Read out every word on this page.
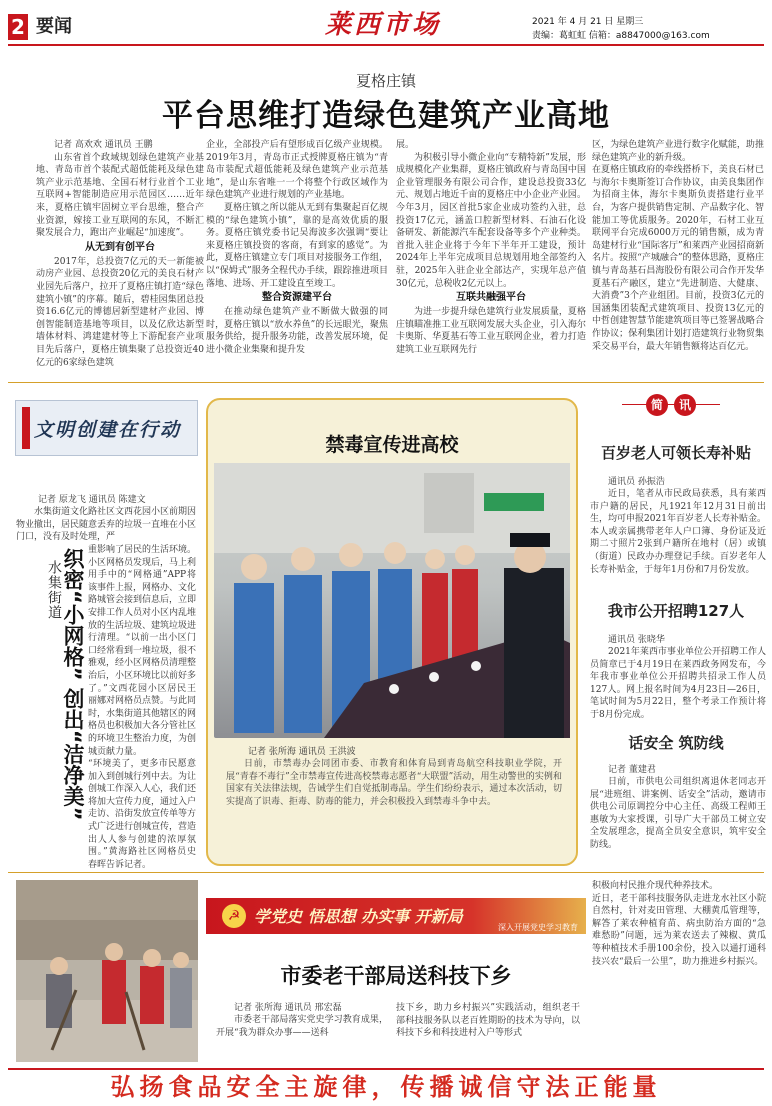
2 要闻	莱西市场	2021 年 4 月 21 日 星期三
责编：葛虹虹 信箱：a8847000@163.com
夏格庄镇
平台思维打造绿色建筑产业高地
记者 高欢欢 通讯员 王鹏

山东省首个政域规划绿色建筑产业基地、青岛市首个装配式超低能耗及绿色建筑产业示范基地、全国石材行业首个工业互联网+智能制造应用示范园区……近年来，夏格庄镇牢固树立平台思维，整合产业资源，嫁接工业互联网的东风，不断汇聚发展合力，跑出产业崛起“加速度”。

从无到有创平台

2017年，总投资7亿元的天一新能被动房产业园、总投资20亿元的美良石材产业园先后落户，拉开了夏格庄镇打造“绿色建筑小镇”的序幕。随后，碧桂园集团总投资16.6亿元的博德居新型建材产业园、博创智能制造基地等项目，以及亿欣达新型墙体材料、鸿建建材等上下游配套产业项目先后落户，夏格庄镇集聚了总投资近40亿元的6家绿色建筑

企业，全部投产后有望形成百亿级产业规模。2019年3月，青岛市正式授牌夏格庄镇为“青岛市装配式超低能耗及绿色建筑产业示范基地”，是山东省唯一一个将整个行政区域作为绿色建筑产业进行规划的产业基地。

夏格庄镇之所以能从无到有集聚起百亿规模的“绿色建筑小镇”，靠的是高效优质的服务。夏格庄镇党委书记吴海波多次强调“要让来夏格庄镇投资的客商，有到家的感觉”。为此，夏格庄镇建立专门项目对接服务工作组，以“保姆式”服务全程代办手续，跟踪推进项目落地、进场、开工建设直至竣工。

整合资源建平台

在推动绿色建筑产业不断做大做强的同时，夏格庄镇以“放水养鱼”的长远眼光，聚焦服务供给，提升服务功能，改善发展环境，促进小微企业集聚和提升发

展。

为积极引导小微企业向“专精特新”发展，形成规模化产业集群，夏格庄镇政府与青岛国中国企业管理服务有限公司合作，建设总投资33亿元、规划占地近千亩的夏格庄中小企业产业园。今年3月，园区首批5家企业成功签约入驻，总投资17亿元，涵盖口腔新型材料、石油石化设备研发、新能源汽车配套设备等多个产业种类。首批入驻企业将于今年下半年开工建设，预计2024年上半年完成项目总规划用地全部签约入驻，2025年入驻企业全部达产，实现年总产值30亿元，总税收2亿元以上。

互联共融强平台

为进一步提升绿色建筑行业发展质量，夏格庄镇瞄准推工业互联网发展大头企业，引入海尔卡奥斯、华夏基石等工业互联网企业，着力打造建筑工业互联网先行

区，为绿色建筑产业进行数字化赋能，助推绿色建筑产业的新升级。
在夏格庄镇政府的牵线搭桥下，美良石材已与海尔卡奥斯签订合作协议，由美良集团作为招商主体，海尔卡奥斯负责搭建行业平台，为客户提供销售定制、产品数字化、智能加工等优质服务。2020年，石材工业互联网平台完成6000万元的销售额，成为青岛建材行业“国际客厅”和莱西产业园招商新名片。按照“产城融合”的整体思路，夏格庄镇与青岛基石昌海股份有限公司合作开发华夏基石产融区，建立“先进制造、大健康、大消费”3个产业组团。目前，投资3亿元的国涵集团装配式建筑项目、投资13亿元的中哲创建智慧节能建筑项目等已签署战略合作协议；保利集团计划打造建筑行业物贸集采交易平台，最大年销售额将达百亿元。
文明创建在行动
记者 原龙飞 通讯员 陈建文

水集街道文化路社区文西花园小区前期因物业撤出，居民随意丢弃的垃圾一直堆在小区门口，没有及时处理，严

水集街道 织密“小网格” 创出“洁净美” 重影响了居民的生活环境。小区网格员发现后，马上利用手中的“网格通”APP将该事件上报，网格办、文化路城管会接到信息后，立即安排工作人员对小区内乱堆放的生活垃圾、建筑垃圾进行清理。“以前一出小区门口经常看到一堆垃圾，很不雅观，经小区网格员清理整治后，小区环境比以前好多了。”文西花园小区居民王丽娜对网格员点赞。与此同时，水集街道其他辖区的网格员也积极加大各分管社区的环境卫生整治力度，为创城贡献力量。
“环境美了，更多市民愿意加入到创城行列中去。为让创城工作深入人心，我们还将加大宣传力度，通过入户走访、沿街发放宣传单等方式广泛进行创城宣传，营造出人人参与创建的浓厚氛围。”黄海路社区网格员史春晖告诉记者。
禁毒宣传进高校
记者 张所海 通讯员 王洪波

日前，市禁毒办会同团市委、市教育和体育局到青岛航空科技职业学院，开展“青春不毒行”全市禁毒宣传进高校禁毒志愿者“大联盟”活动，用生动警世的实例和国家有关法律法规，告诫学生们自觉抵制毒品。学生们纷纷表示，通过本次活动，切实提高了识毒、拒毒、防毒的能力，并会积极投入到禁毒斗争中去。

简	讯
百岁老人可领长寿补贴
通讯员 孙振浩

近日，笔者从市民政局获悉，具有莱西市户籍的居民，凡1921年12月31日前出生，均可申报2021年百岁老人长寿补贴金。本人或亲属携带老年人户口簿、身份证及近期二寸照片2张到户籍所在地村（居）或镇（街道）民政办办理登记手续。百岁老年人长寿补贴金，于每年1月份和7月份发放。

我市公开招聘127人
通讯员 张晓华

2021年莱西市事业单位公开招聘工作人员简章已于4月19日在莱西政务网发布，今年我市事业单位公开招聘共招录工作人员127人。网上报名时间为4月23日—26日，笔试时间为5月22日，整个考录工作预计将于8月份完成。

话安全 筑防线
记者 董建君

日前，市供电公司组织离退休老同志开展“进班组、讲案例、话安全”活动，邀请市供电公司原调控分中心主任、高级工程师王惠敏为大家授课，引导广大干部员工树立安全发展理念，提高全员安全意识，筑牢安全防线。

☭ 学党史 悟思想 办实事 开新局
深入开展党史学习教育
市委老干部局送科技下乡
记者 张所海 通讯员 邢宏磊

市委老干部局落实党史学习教育成果，开展“我为群众办事——送科

技下乡，助力乡村振兴”实践活动，组织老干部科技服务队以老百姓期盼的技术为导向，以科技下乡和科技进村入户等形式

积极向村民推介现代种养技术。
近日，老干部科技服务队走进龙水社区小院自然村，针对麦田管理、大棚黄瓜管理等，解答了莱农种植育苗、病虫防治方面的“急难愁盼”问题，远为莱农送去了辣椒、黄瓜等种植技术手册100余份，投入以通打通科技兴农“最后一公里”，助力推进乡村振兴。
弘扬食品安全主旋律，传播诚信守法正能量
